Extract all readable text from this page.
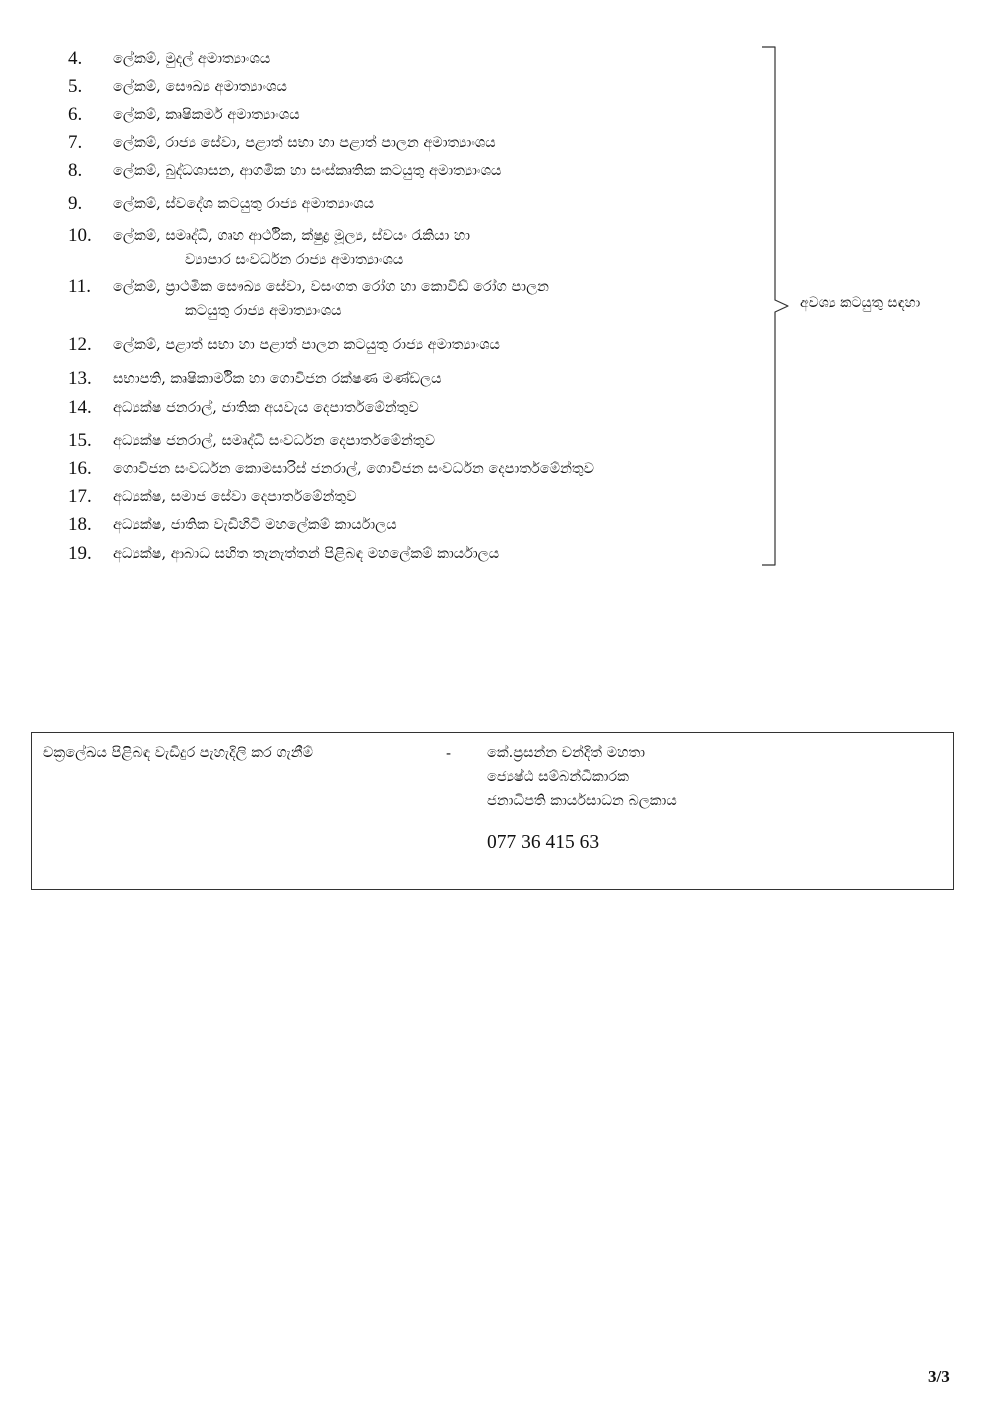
4.	ලේකම්, මුදල් අමාත්‍යාංශය
5.	ලේකම්, සෞඛ්‍ය අමාත්‍යාංශය
6.	ලේකම්, කෘෂිකර්ම අමාත්‍යාංශය
7.	ලේකම්, රාජ්‍ය සේවා, පළාත් සභා හා පළාත් පාලන අමාත්‍යාංශය
8.	ලේකම්, බුද්ධශාසන, ආගමික හා සංස්කෘතික කටයුතු අමාත්‍යාංශය
9.	ලේකම්, ස්වදේශ කටයුතු රාජ්‍ය අමාත්‍යාංශය
10.	ලේකම්, සමෘද්ධි, ගෘහ ආර්ථික, ක්ෂුද්‍ර මූල්‍ය, ස්වයං රැකියා හා
ව්‍යාපාර සංවර්ධන රාජ්‍ය අමාත්‍යාංශය
11.	ලේකම්, ප්‍රාථමික සෞඛ්‍ය සේවා, වසංගත රෝග හා කොවිඩ් රෝග පාලන
කටයුතු රාජ්‍ය අමාත්‍යාංශය
12.	ලේකම්, පළාත් සභා හා පළාත් පාලන කටයුතු රාජ්‍ය අමාත්‍යාංශය
13.	සභාපති, කෘෂිකාර්මික හා ගොවිජන රක්ෂණ මණ්ඩලය
14.	අධ්‍යක්ෂ ජනරාල්, ජාතික අයවැය දෙපාර්තමේන්තුව
15.	අධ්‍යක්ෂ ජනරාල්, සමෘද්ධි සංවර්ධන දෙපාර්තමේන්තුව
16.	ගොවිජන සංවර්ධන කොමසාරිස් ජනරාල්, ගොවිජන සංවර්ධන දෙපාර්තමේන්තුව
17.	අධ්‍යක්ෂ, සමාජ සේවා දෙපාර්තමේන්තුව
18.	අධ්‍යක්ෂ, ජාතික වැඩිහිටි මහලේකම් කාර්යාලය
19.	අධ්‍යක්ෂ, ආබාධ සහිත තැනැත්තන් පිළිබඳ මහලේකම් කාර්යාලය
අවශ්‍ය කටයුතු සඳහා
චක්‍රලේඛය පිළිබඳ වැඩිදුර පැහැදිලි කර ගැනීම්	- කේ.ප්‍රසන්න චන්දිත් මහතා
ජ්‍යෙෂ්ඨ සම්බන්ධීකාරක
ජනාධිපති කාර්යසාධන බලකාය
077 36 415 63
3/3
